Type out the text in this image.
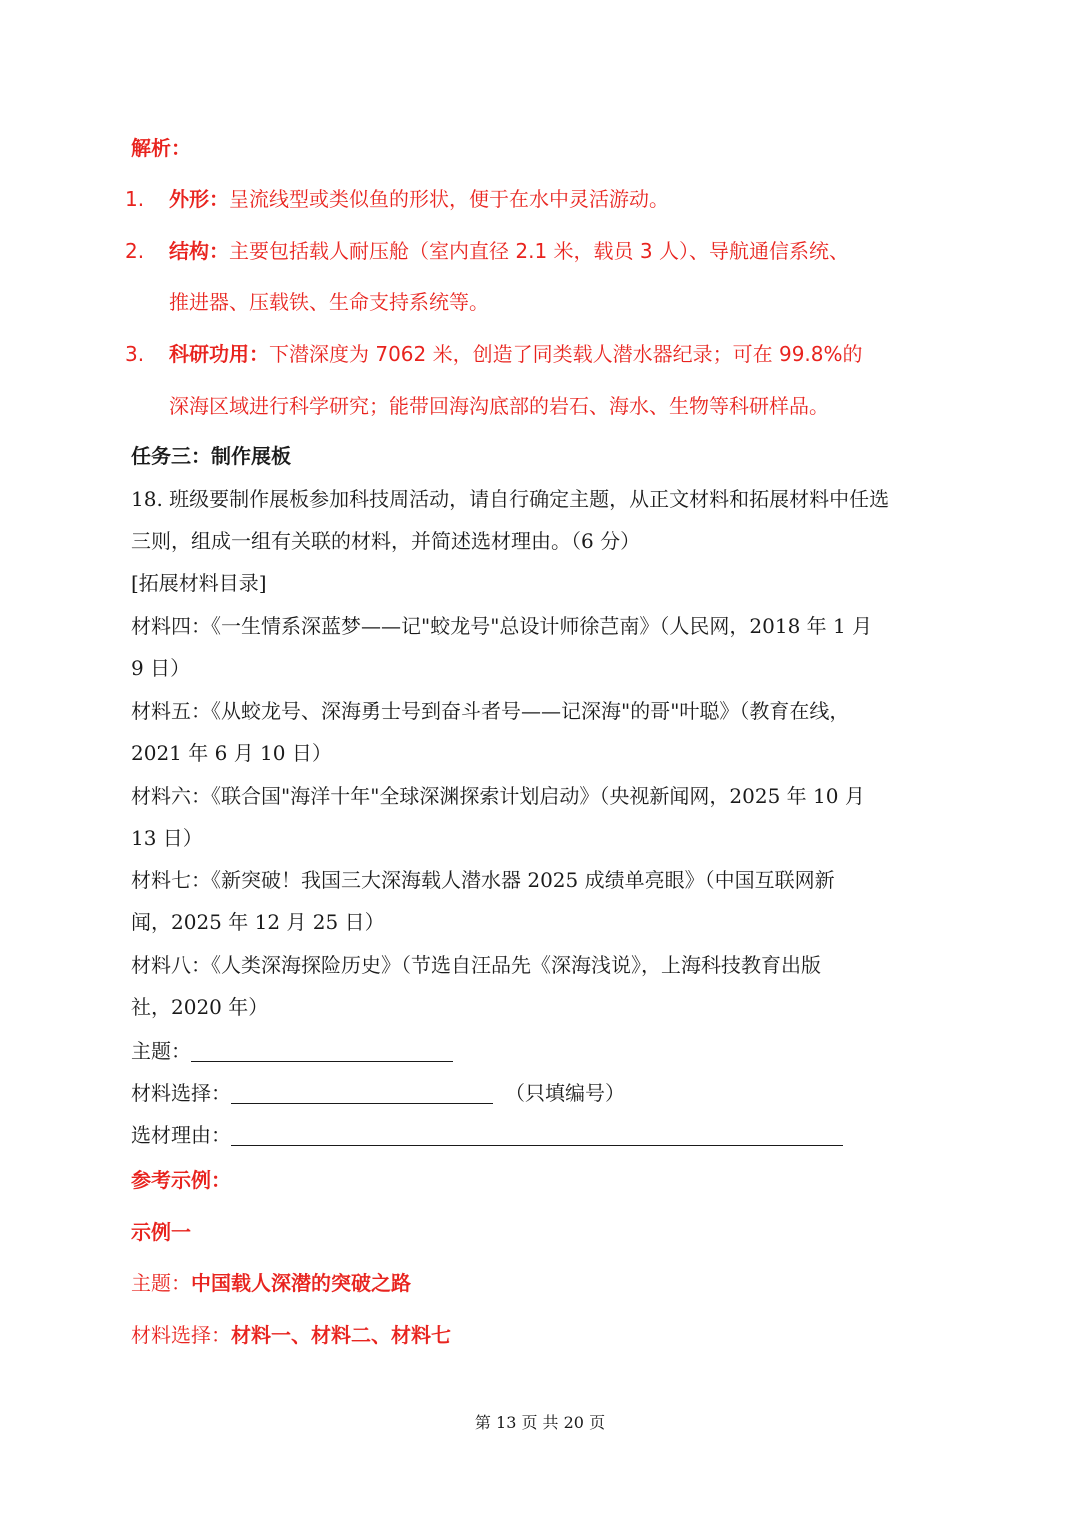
解析：
1. 外形：呈流线型或类似鱼的形状，便于在水中灵活游动。
2. 结构：主要包括载人耐压舱（室内直径 2.1 米，载员 3 人）、导航通信系统、
推进器、压载铁、生命支持系统等。
3. 科研功用：下潜深度为 7062 米，创造了同类载人潜水器纪录；可在 99.8%的
深海区域进行科学研究；能带回海沟底部的岩石、海水、生物等科研样品。
任务三：制作展板
18. 班级要制作展板参加科技周活动，请自行确定主题，从正文材料和拓展材料中任选
三则，组成一组有关联的材料，并简述选材理由。（6 分）
[拓展材料目录]
材料四：《一生情系深蓝梦——记"蛟龙号"总设计师徐芑南》（人民网，2018 年 1 月
9 日）
材料五：《从蛟龙号、深海勇士号到奋斗者号——记深海"的哥"叶聪》（教育在线，
2021 年 6 月 10 日）
材料六：《联合国"海洋十年"全球深渊探索计划启动》（央视新闻网，2025 年 10 月
13 日）
材料七：《新突破！我国三大深海载人潜水器 2025 成绩单亮眼》（中国互联网新
闻，2025 年 12 月 25 日）
材料八：《人类深海探险历史》（节选自汪品先《深海浅说》，上海科技教育出版
社，2020 年）
主题：
材料选择：	（只填编号）
选材理由：
参考示例：
示例一
主题：中国载人深潜的突破之路
材料选择：材料一、材料二、材料七
第 13 页 共 20 页
